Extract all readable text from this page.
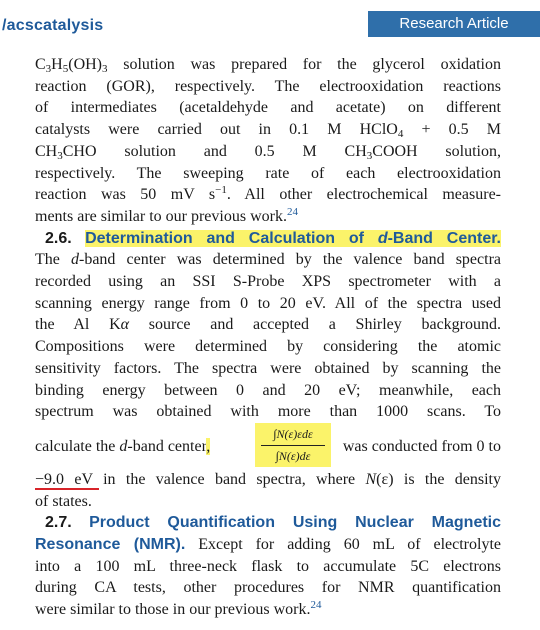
/acscatalysis	Research Article
$C_3H_5(OH)_3$ solution was prepared for the glycerol oxidation
reaction (GOR), respectively. The electrooxidation reactions
of intermediates (acetaldehyde and acetate) on different
catalysts were carried out in 0.1 M HClO$_4$ + 0.5 M
$CH_3CHO$ solution and 0.5 M $CH_3COOH$ solution,
respectively. The sweeping rate of each electrooxidation
reaction was 50 mV $s^{-1}$. All other electrochemical measure-
ments are similar to our previous work.$^{24}$
2.6. Determination and Calculation of d-Band Center.
The d-band center was determined by the valence band spectra
recorded using an SSI S-Probe XPS spectrometer with a
scanning energy range from 0 to 20 eV. All of the spectra used
the Al Kα source and accepted a Shirley background.
Compositions were determined by considering the atomic
sensitivity factors. The spectra were obtained by scanning the
binding energy between 0 and 20 eV; meanwhile, each
spectrum was obtained with more than 1000 scans. To
calculate the d-band center,
∫N(ε)εdε
∫N(ε)dε
was conducted from 0 to
−9.0 eV in the valence band spectra, where N(ε) is the density
of states.
2.7. Product Quantification Using Nuclear Magnetic
Resonance (NMR). Except for adding 60 mL of electrolyte
into a 100 mL three-neck flask to accumulate 5C electrons
during CA tests, other procedures for NMR quantification
were similar to those in our previous work.$^{24}$
